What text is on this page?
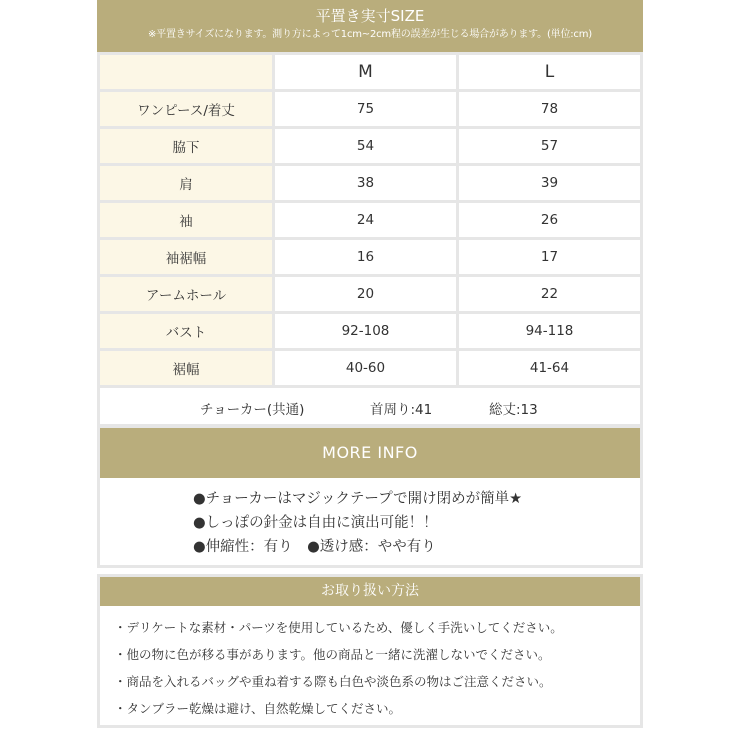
平置き実寸SIZE
※平置きサイズになります。測り方によって1cm~2cm程の誤差が生じる場合があります。(単位:cm)
	M	L
ワンピース/着丈	75	78
脇下	54	57
肩	38	39
袖	24	26
袖裾幅	16	17
アームホール	20	22
バスト	92-108	94-118
裾幅	40-60	41-64
チョーカー(共通)	首周り:41	総丈:13
MORE INFO
●チョーカーはマジックテープで開け閉めが簡単★
●しっぽの針金は自由に演出可能！！
●伸縮性：有り　●透け感：やや有り
お取り扱い方法
・デリケートな素材・パーツを使用しているため、優しく手洗いしてください。
・他の物に色が移る事があります。他の商品と一緒に洗濯しないでください。
・商品を入れるバッグや重ね着する際も白色や淡色系の物はご注意ください。
・タンブラー乾燥は避け、自然乾燥してください。
